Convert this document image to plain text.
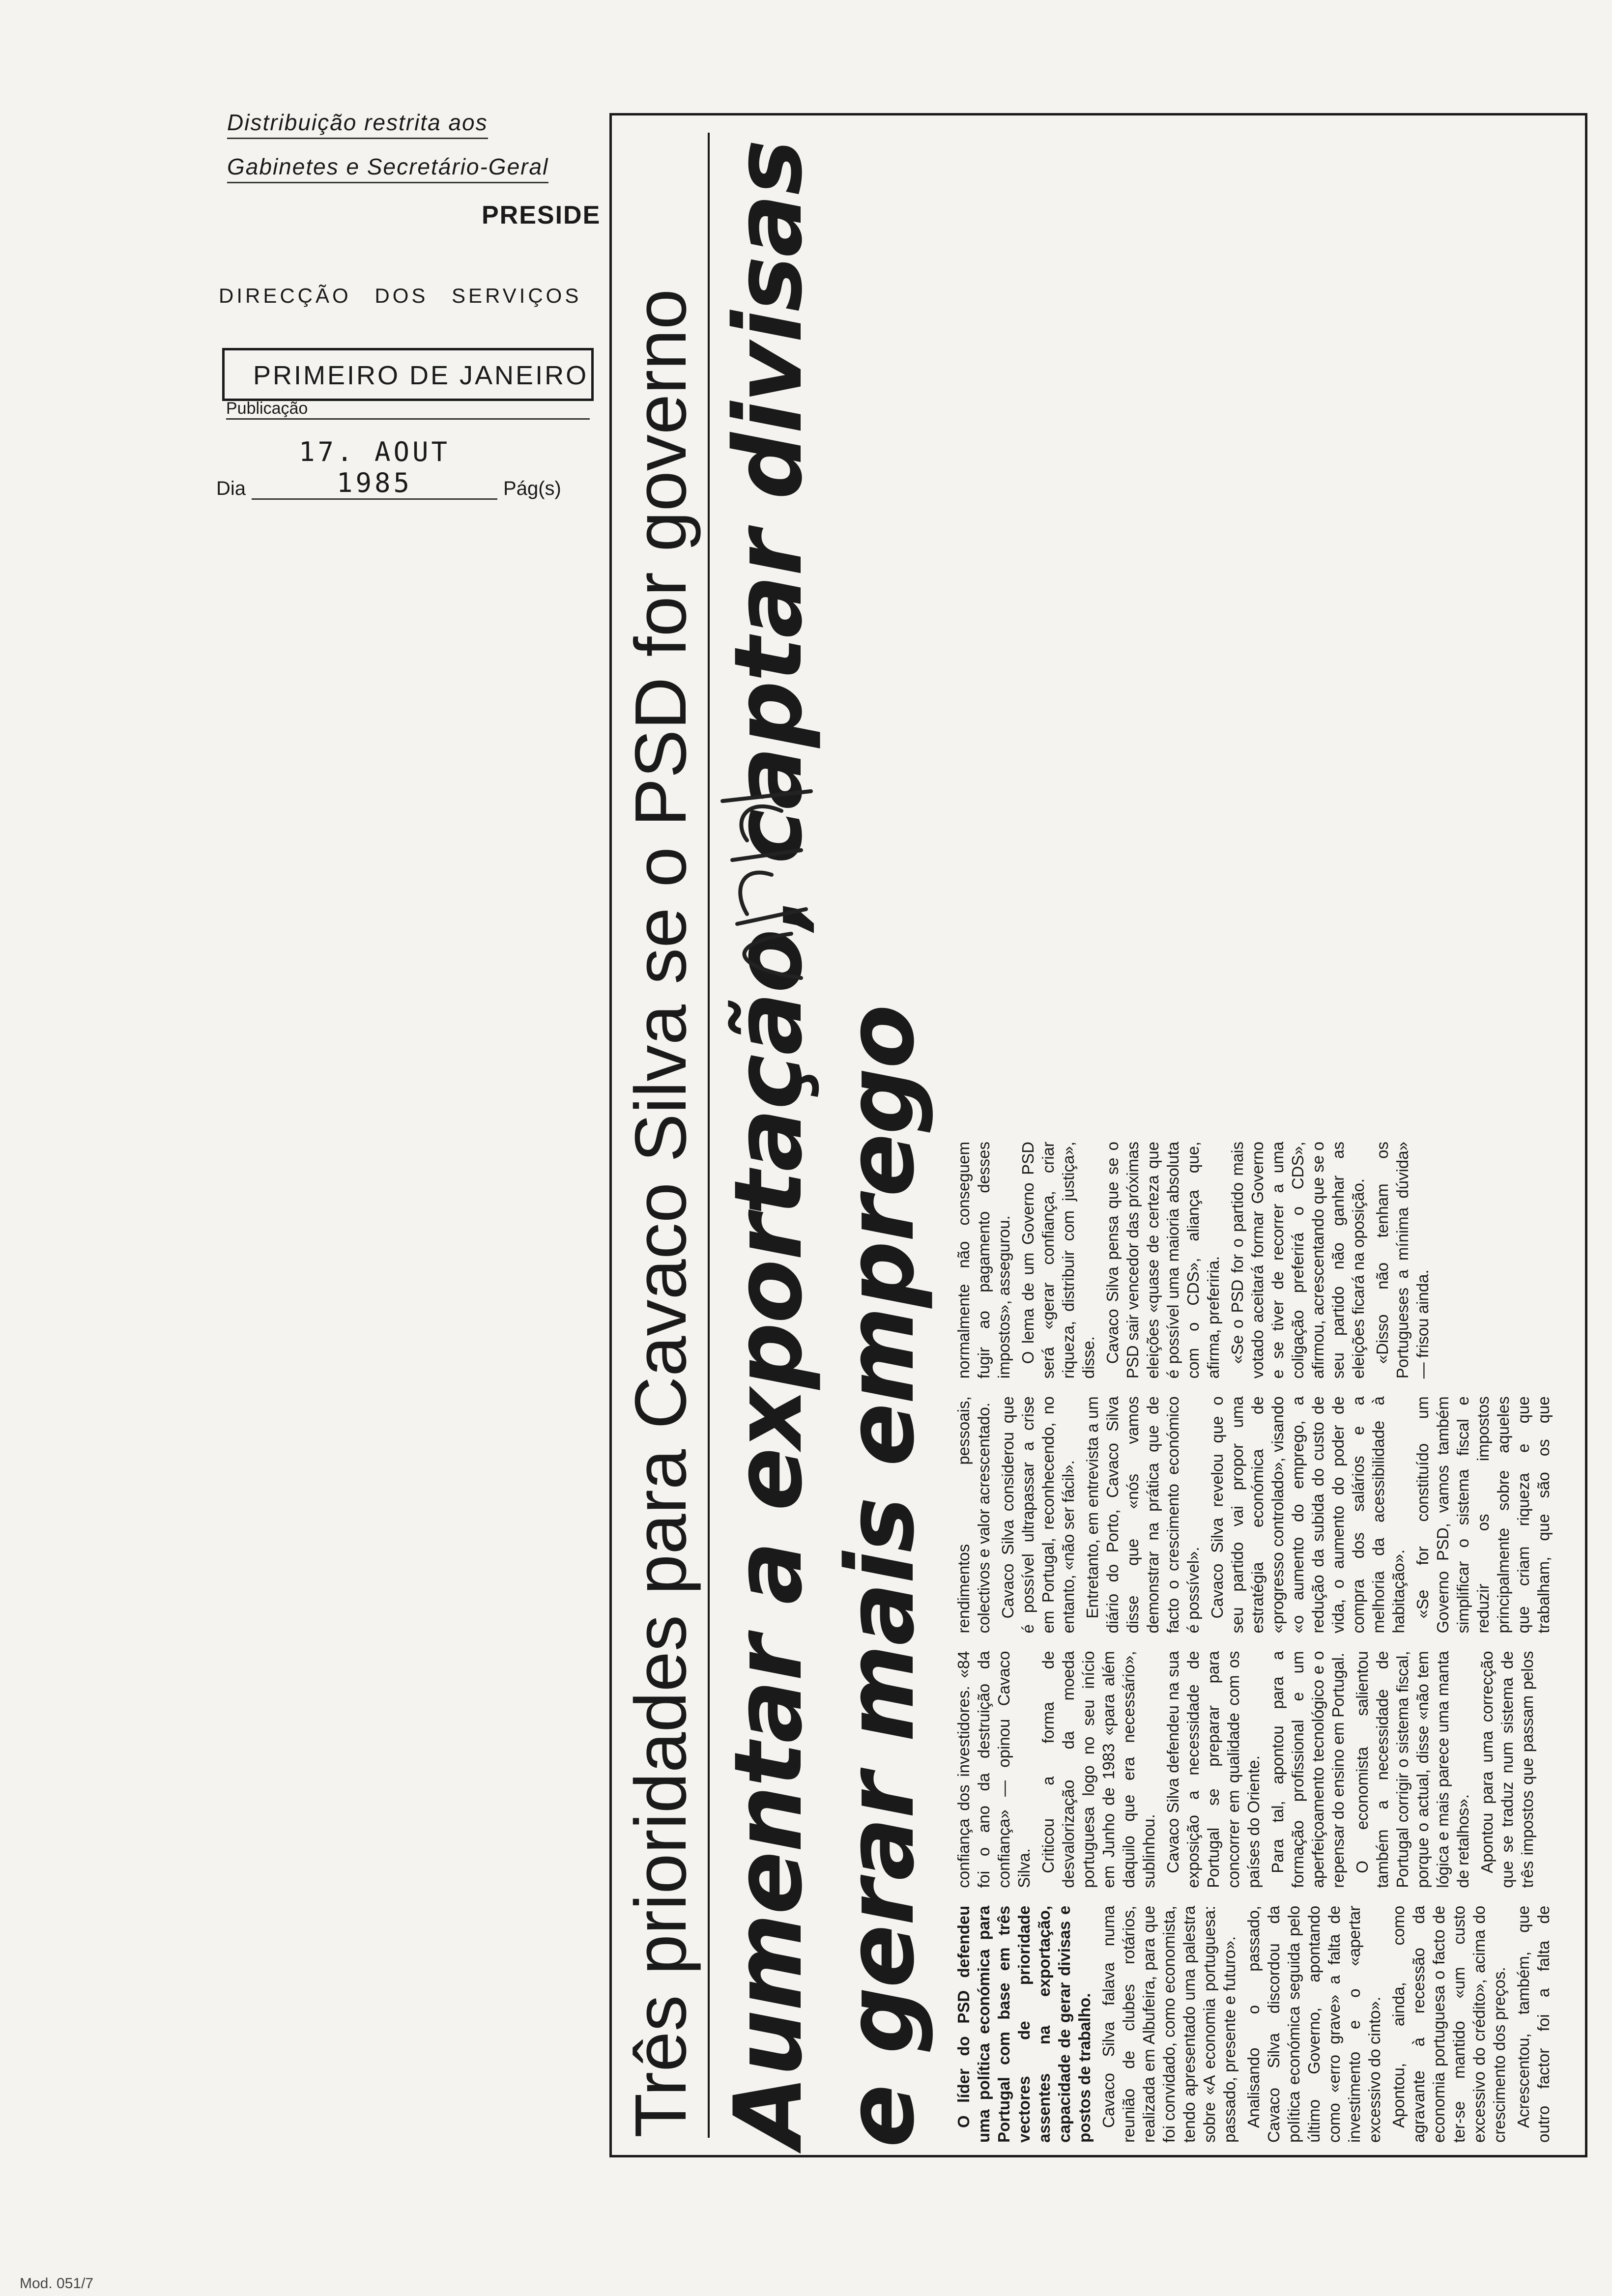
Distribuição restrita aos
Gabinetes e Secretário-Geral
PRESIDE
DIRECÇÃO DOS SERVIÇOS
PRIMEIRO DE JANEIRO
Publicação
Dia
17. AOUT 1985	Pág(s) Três prioridades para Cavaco Silva se o PSD for governo Aumentar a exportação, captar divisas e gerar mais emprego O líder do PSD defendeu uma política económica para Portugal com base em três vectores de prioridade assentes na exportação, capacidade de gerar divisas e postos de trabalho. Cavaco Silva falava numa reunião de clubes rotários, realizada em Albufeira, para que foi convidado, como economista, tendo apresentado uma palestra sobre «A economia portuguesa: passado, presente e futuro». Analisando o passado, Cavaco Silva discordou da política económica seguida pelo último Governo, apontando como «erro grave» a falta de investimento e o «apertar excessivo do cinto». Apontou, ainda, como agravante à recessão da economia portuguesa o facto de ter-se mantido «um custo excessivo do crédito», acima do crescimento dos preços. Acrescentou, também, que outro factor foi a falta de confiança dos investidores. «84 foi o ano da destruição da confiança» — opinou Cavaco Silva. Criticou a forma de desvalorização da moeda portuguesa logo no seu início em Junho de 1983 «para além daquilo que era necessário», sublinhou. Cavaco Silva defendeu na sua exposição a necessidade de Portugal se preparar para concorrer em qualidade com os países do Oriente. Para tal, apontou para a formação profissional e um aperfeiçoamento tecnológico e o repensar do ensino em Portugal. O economista salientou também a necessidade de Portugal corrigir o sistema fiscal, porque o actual, disse «não tem lógica e mais parece uma manta de retalhos». Apontou para uma correcção que se traduz num sistema de três impostos que passam pelos rendimentos pessoais, colectivos e valor acrescentado. Cavaco Silva considerou que é possível ultrapassar a crise em Portugal, reconhecendo, no entanto, «não ser fácil». Entretanto, em entrevista a um diário do Porto, Cavaco Silva disse que «nós vamos demonstrar na prática que de facto o crescimento económico é possível». Cavaco Silva revelou que o seu partido vai propor uma estratégia económica de «progresso controlado», visando «o aumento do emprego, a redução da subida do custo de vida, o aumento do poder de compra dos salários e a melhoria da acessibilidade à habitação». «Se for constituído um Governo PSD, vamos também simplificar o sistema fiscal e reduzir os impostos principalmente sobre aqueles que criam riqueza e que trabalham, que são os que normalmente não conseguem fugir ao pagamento desses impostos», assegurou. O lema de um Governo PSD será «gerar confiança, criar riqueza, distribuir com justiça», disse. Cavaco Silva pensa que se o PSD sair vencedor das próximas eleições «quase de certeza que é possível uma maioria absoluta com o CDS», aliança que, afirma, preferiria. «Se o PSD for o partido mais votado aceitará formar Governo e se tiver de recorrer a uma coligação preferirá o CDS», afirmou, acrescentando que se o seu partido não ganhar as eleições ficará na oposição. «Disso não tenham os Portugueses a mínima dúvida» — frisou ainda.

Mod. 051/7
